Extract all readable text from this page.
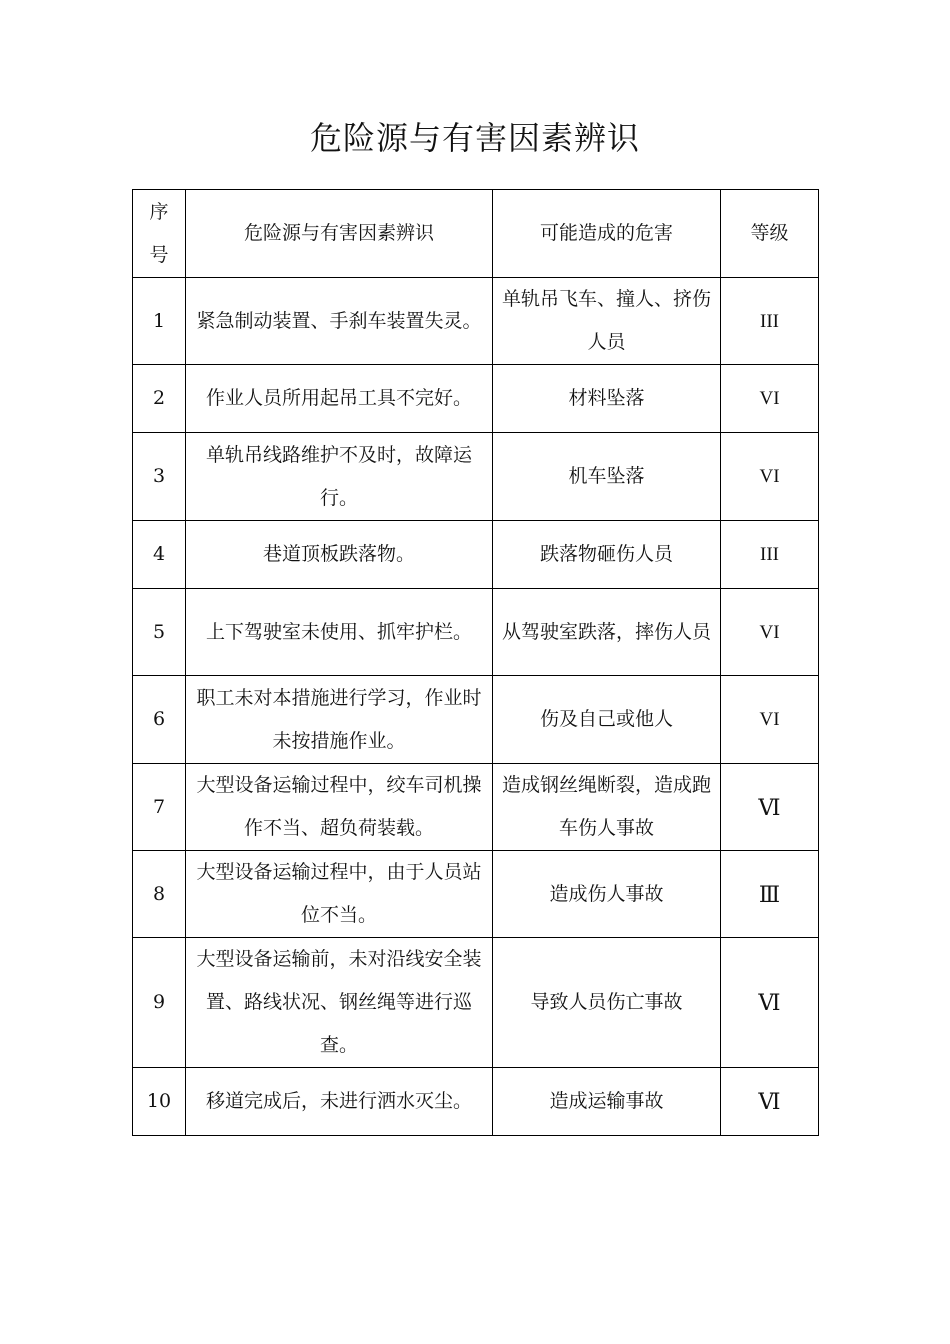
危险源与有害因素辨识
序
号	危险源与有害因素辨识	可能造成的危害	等级
1	紧急制动装置、手刹车装置失灵。	单轨吊飞车、撞人、挤伤人员	III
2	作业人员所用起吊工具不完好。	材料坠落	VI
3	单轨吊线路维护不及时，故障运行。	机车坠落	VI
4	巷道顶板跌落物。	跌落物砸伤人员	III
5	上下驾驶室未使用、抓牢护栏。	从驾驶室跌落，摔伤人员	VI
6	职工未对本措施进行学习，作业时未按措施作业。	伤及自己或他人	VI
7	大型设备运输过程中，绞车司机操作不当、超负荷装载。	造成钢丝绳断裂，造成跑车伤人事故	Ⅵ
8	大型设备运输过程中，由于人员站位不当。	造成伤人事故	Ⅲ
9	大型设备运输前，未对沿线安全装置、路线状况、钢丝绳等进行巡查。	导致人员伤亡事故	Ⅵ
10	移道完成后，未进行洒水灭尘。	造成运输事故	Ⅵ
